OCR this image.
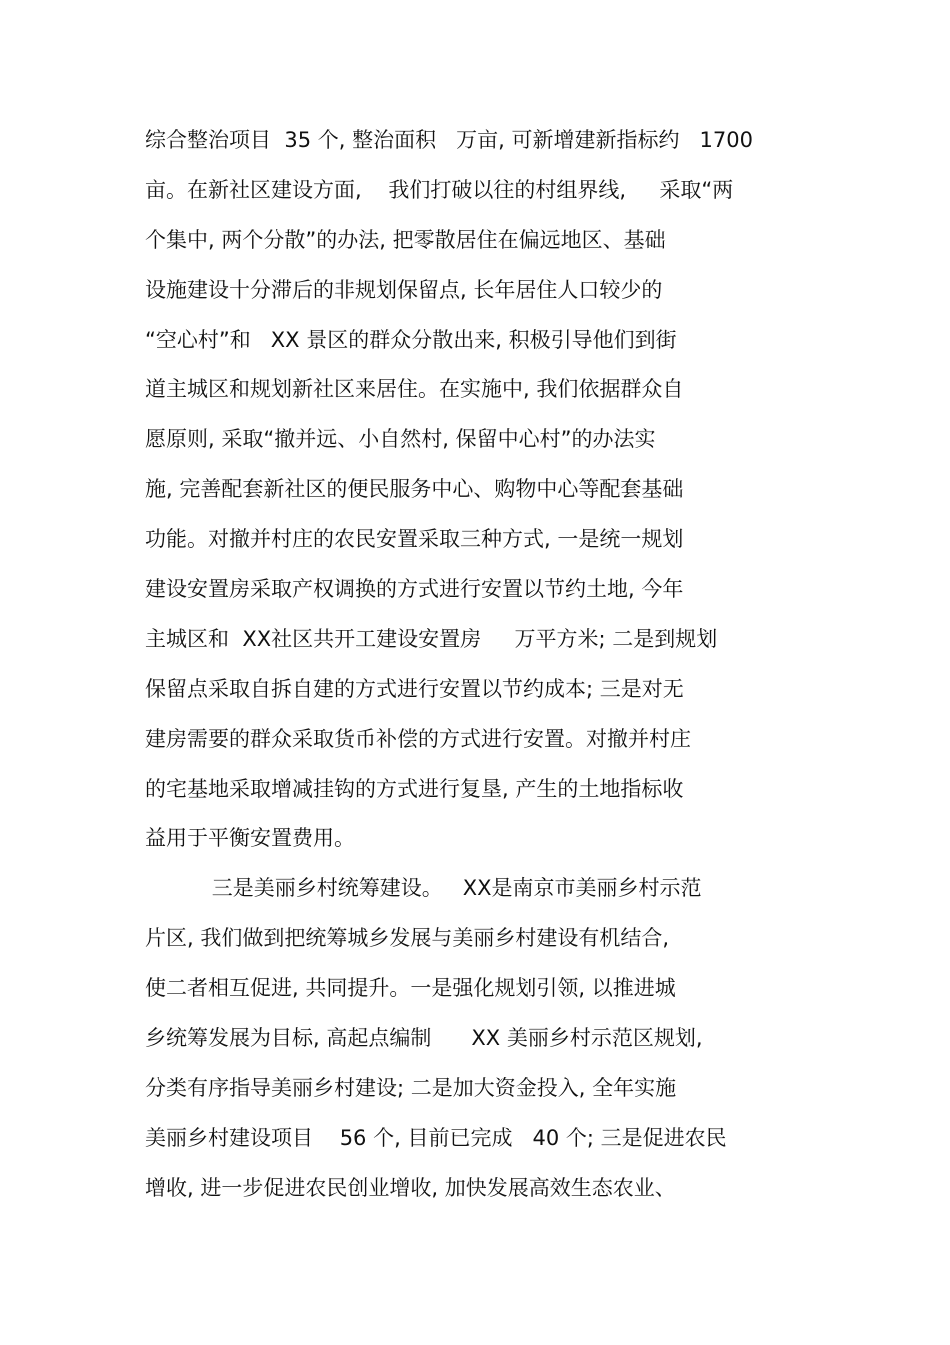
综合整治项目  35 个, 整治面积   万亩, 可新增建新指标约   1700
亩。在新社区建设方面,    我们打破以往的村组界线,     采取“两
个集中, 两个分散”的办法, 把零散居住在偏远地区、基础
设施建设十分滞后的非规划保留点, 长年居住人口较少的
“空心村”和   XX 景区的群众分散出来, 积极引导他们到街
道主城区和规划新社区来居住。在实施中, 我们依据群众自
愿原则, 采取“撤并远、小自然村, 保留中心村”的办法实
施, 完善配套新社区的便民服务中心、购物中心等配套基础
功能。对撤并村庄的农民安置采取三种方式, 一是统一规划
建设安置房采取产权调换的方式进行安置以节约土地, 今年
主城区和  XX社区共开工建设安置房     万平方米; 二是到规划
保留点采取自拆自建的方式进行安置以节约成本; 三是对无
建房需要的群众采取货币补偿的方式进行安置。对撤并村庄
的宅基地采取增减挂钩的方式进行复垦, 产生的土地指标收
益用于平衡安置费用。
三是美丽乡村统筹建设。   XX是南京市美丽乡村示范
片区, 我们做到把统筹城乡发展与美丽乡村建设有机结合,
使二者相互促进, 共同提升。一是强化规划引领, 以推进城
乡统筹发展为目标, 高起点编制      XX 美丽乡村示范区规划,
分类有序指导美丽乡村建设; 二是加大资金投入, 全年实施
美丽乡村建设项目    56 个, 目前已完成   40 个; 三是促进农民
增收, 进一步促进农民创业增收, 加快发展高效生态农业、
